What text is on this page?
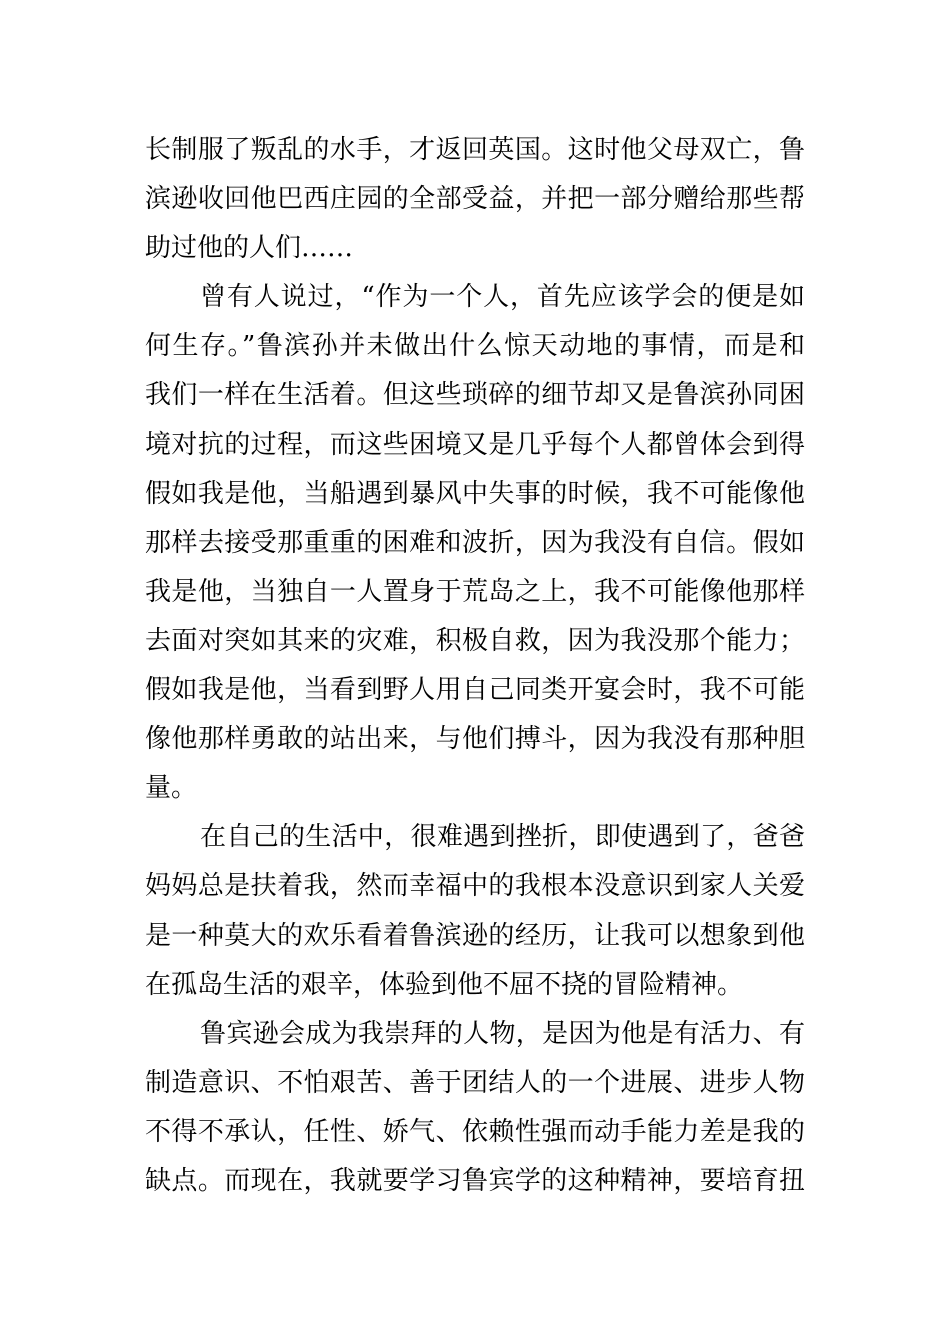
长制服了叛乱的水手，才返回英国。这时他父母双亡，鲁
滨逊收回他巴西庄园的全部受益，并把一部分赠给那些帮
助过他的人们……
曾有人说过，“作为一个人，首先应该学会的便是如
何生存。”鲁滨孙并未做出什么惊天动地的事情，而是和
我们一样在生活着。但这些琐碎的细节却又是鲁滨孙同困
境对抗的过程，而这些困境又是几乎每个人都曾体会到得
假如我是他，当船遇到暴风中失事的时候，我不可能像他
那样去接受那重重的困难和波折，因为我没有自信。假如
我是他，当独自一人置身于荒岛之上，我不可能像他那样
去面对突如其来的灾难，积极自救，因为我没那个能力；
假如我是他，当看到野人用自己同类开宴会时，我不可能
像他那样勇敢的站出来，与他们搏斗，因为我没有那种胆
量。
在自己的生活中，很难遇到挫折，即使遇到了，爸爸
妈妈总是扶着我，然而幸福中的我根本没意识到家人关爱
是一种莫大的欢乐看着鲁滨逊的经历，让我可以想象到他
在孤岛生活的艰辛，体验到他不屈不挠的冒险精神。
鲁宾逊会成为我崇拜的人物，是因为他是有活力、有
制造意识、不怕艰苦、善于团结人的一个进展、进步人物
不得不承认，任性、娇气、依赖性强而动手能力差是我的
缺点。而现在，我就要学习鲁宾学的这种精神，要培育扭
